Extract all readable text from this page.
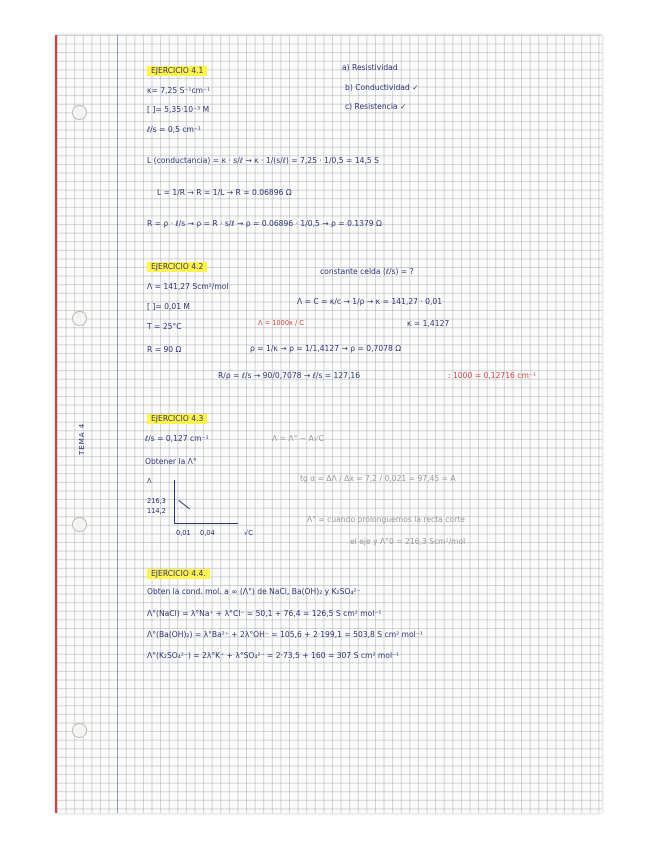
TEMA 4
EJERCICIO 4.1
κ= 7,25 S⁻¹cm⁻¹
[ ]= 5,35·10⁻³ M
ℓ/s = 0,5 cm⁻¹
a) Resistividad
b) Conductividad ✓
c) Resistencia ✓
L (conductancia) = κ · s/ℓ → κ · 1/(s/ℓ) = 7,25 · 1/0,5 = 14,5 S
L = 1/R → R = 1/L → R = 0.06896 Ω
R = ρ · ℓ/s → ρ = R · s/ℓ → ρ = 0.06896 · 1/0,5 → ρ = 0.1379 Ω
EJERCICIO 4.2
Λ = 141,27 Scm²/mol
[ ]= 0,01 M
T = 25°C
R = 90 Ω
constante celda (ℓ/s) = ?
Λ = C = κ/c → 1/ρ → κ = 141,27 · 0,01
Λ = 1000κ / C	κ = 1,4127
ρ = 1/κ → ρ = 1/1,4127 → ρ = 0,7078 Ω
R/ρ = ℓ/s → 90/0,7078 → ℓ/s = 127,16	: 1000 = 0,12716 cm⁻¹
EJERCICIO 4.3
ℓ/s = 0,127 cm⁻¹	Λ = Λ° − A√C
Obtener la Λ°
Λ
216,3
114,2
0,01 0,04	√C
tg α = ΔΛ / Δx = 7,2 / 0,021 = 97,45 = A
Λ° = cuando prolonguemos la recta corte
el eje y Λ°0 = 216,3 Scm²/mol
EJERCICIO 4.4.
Obten la cond. mol. a ∞ (Λ°) de NaCl, Ba(OH)₂ y K₂SO₄²⁻
Λ°(NaCl) = λ°Na⁺ + λ°Cl⁻ = 50,1 + 76,4 = 126,5 S cm² mol⁻¹
Λ°(Ba(OH)₂) = λ°Ba²⁺ + 2λ°OH⁻ = 105,6 + 2·199,1 = 503,8 S cm² mol⁻¹
Λ°(K₂SO₄²⁻) = 2λ°K⁺ + λ°SO₄²⁻ = 2·73,5 + 160 = 307 S cm² mol⁻¹
